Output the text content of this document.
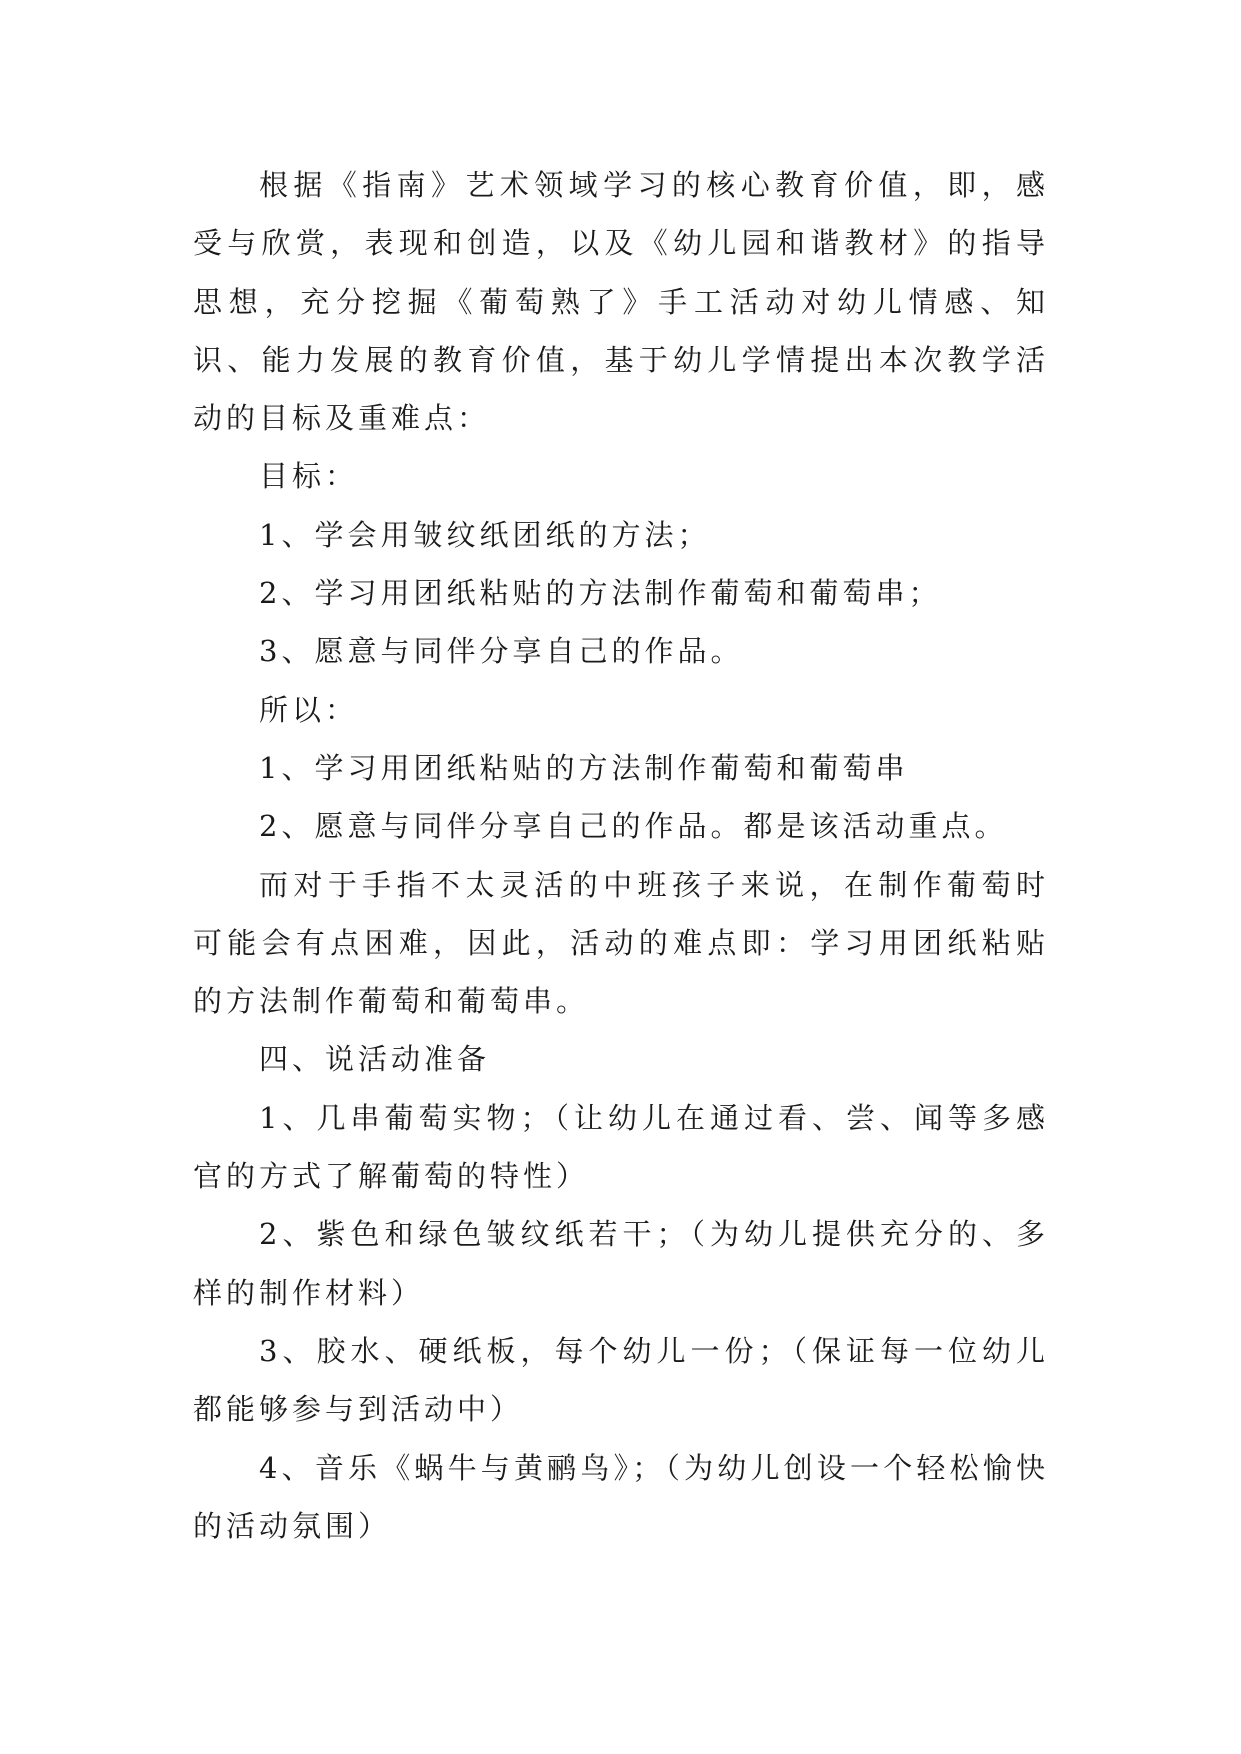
根据《指南》艺术领域学习的核心教育价值，即，感受与欣赏，表现和创造，以及《幼儿园和谐教材》的指导思想，充分挖掘《葡萄熟了》手工活动对幼儿情感、知识、能力发展的教育价值，基于幼儿学情提出本次教学活动的目标及重难点：

目标：

1、学会用皱纹纸团纸的方法；

2、学习用团纸粘贴的方法制作葡萄和葡萄串；

3、愿意与同伴分享自己的作品。

所以：

1、学习用团纸粘贴的方法制作葡萄和葡萄串

2、愿意与同伴分享自己的作品。都是该活动重点。

而对于手指不太灵活的中班孩子来说，在制作葡萄时可能会有点困难，因此，活动的难点即：学习用团纸粘贴的方法制作葡萄和葡萄串。

四、说活动准备

1、几串葡萄实物；（让幼儿在通过看、尝、闻等多感官的方式了解葡萄的特性）

2、紫色和绿色皱纹纸若干；（为幼儿提供充分的、多样的制作材料）

3、胶水、硬纸板，每个幼儿一份；（保证每一位幼儿都能够参与到活动中）

4、音乐《蜗牛与黄鹂鸟》；（为幼儿创设一个轻松愉快的活动氛围）
